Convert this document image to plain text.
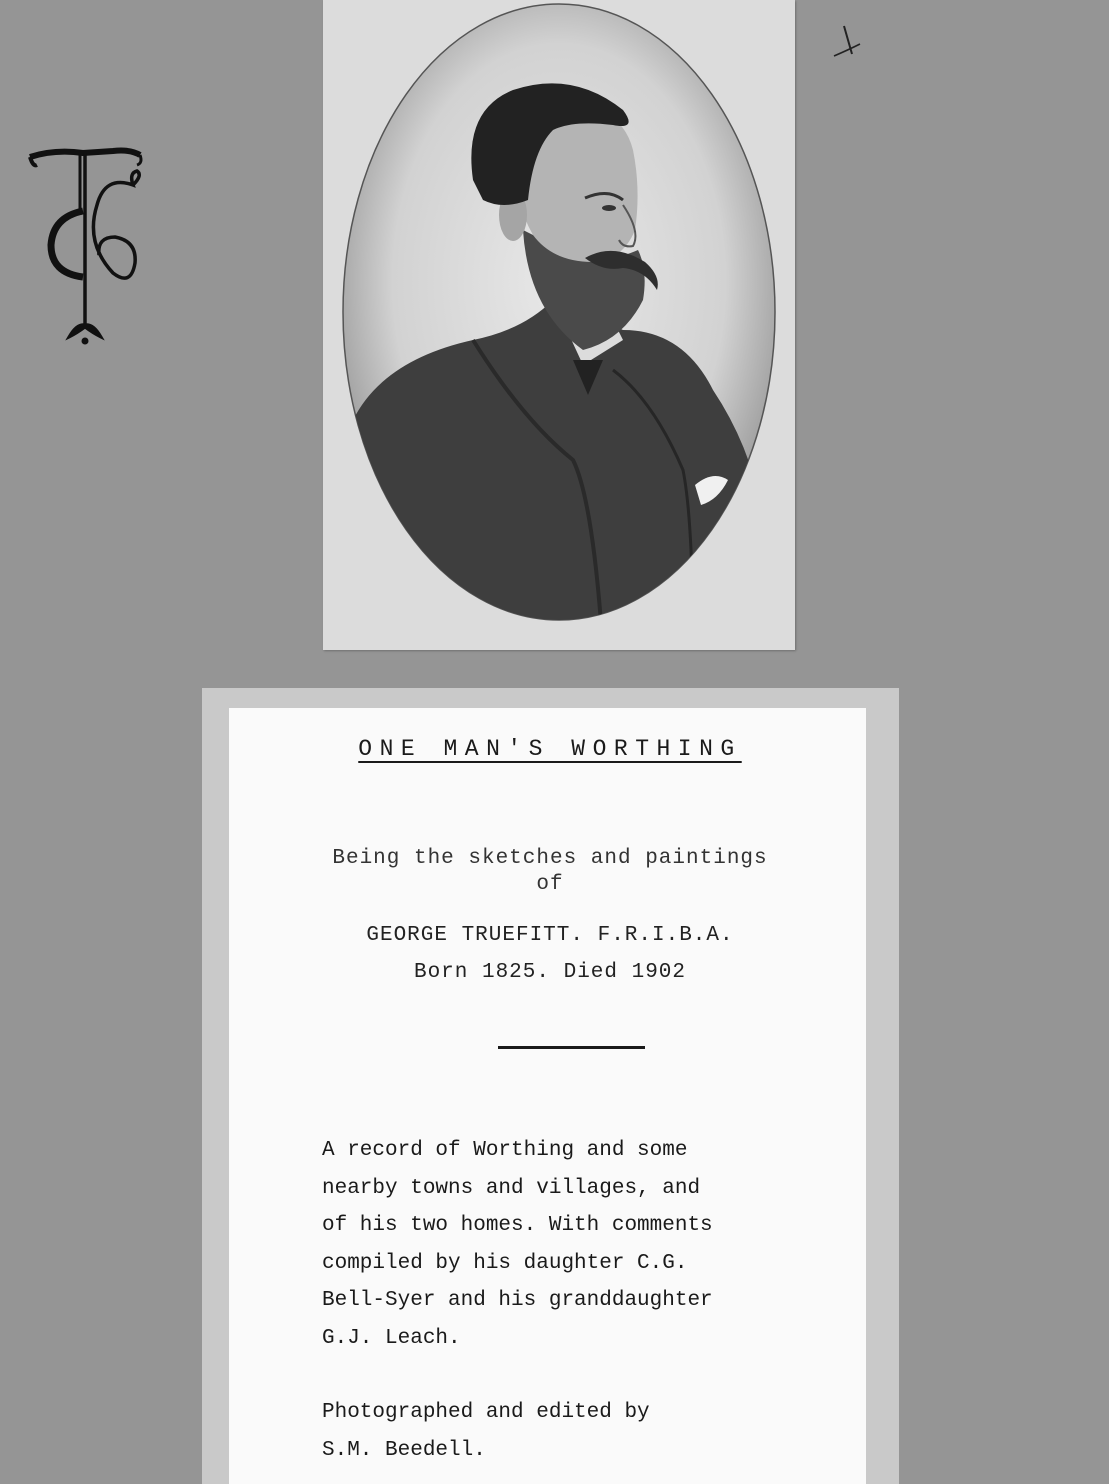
ONE MAN'S WORTHING
Being the sketches and paintings
of
GEORGE TRUEFITT. F.R.I.B.A.
Born 1825. Died 1902
A record of Worthing and some
nearby towns and villages, and
of his two homes. With comments
compiled by his daughter C.G.
Bell-Syer and his granddaughter
G.J. Leach.
Photographed and edited by
S.M. Beedell.
